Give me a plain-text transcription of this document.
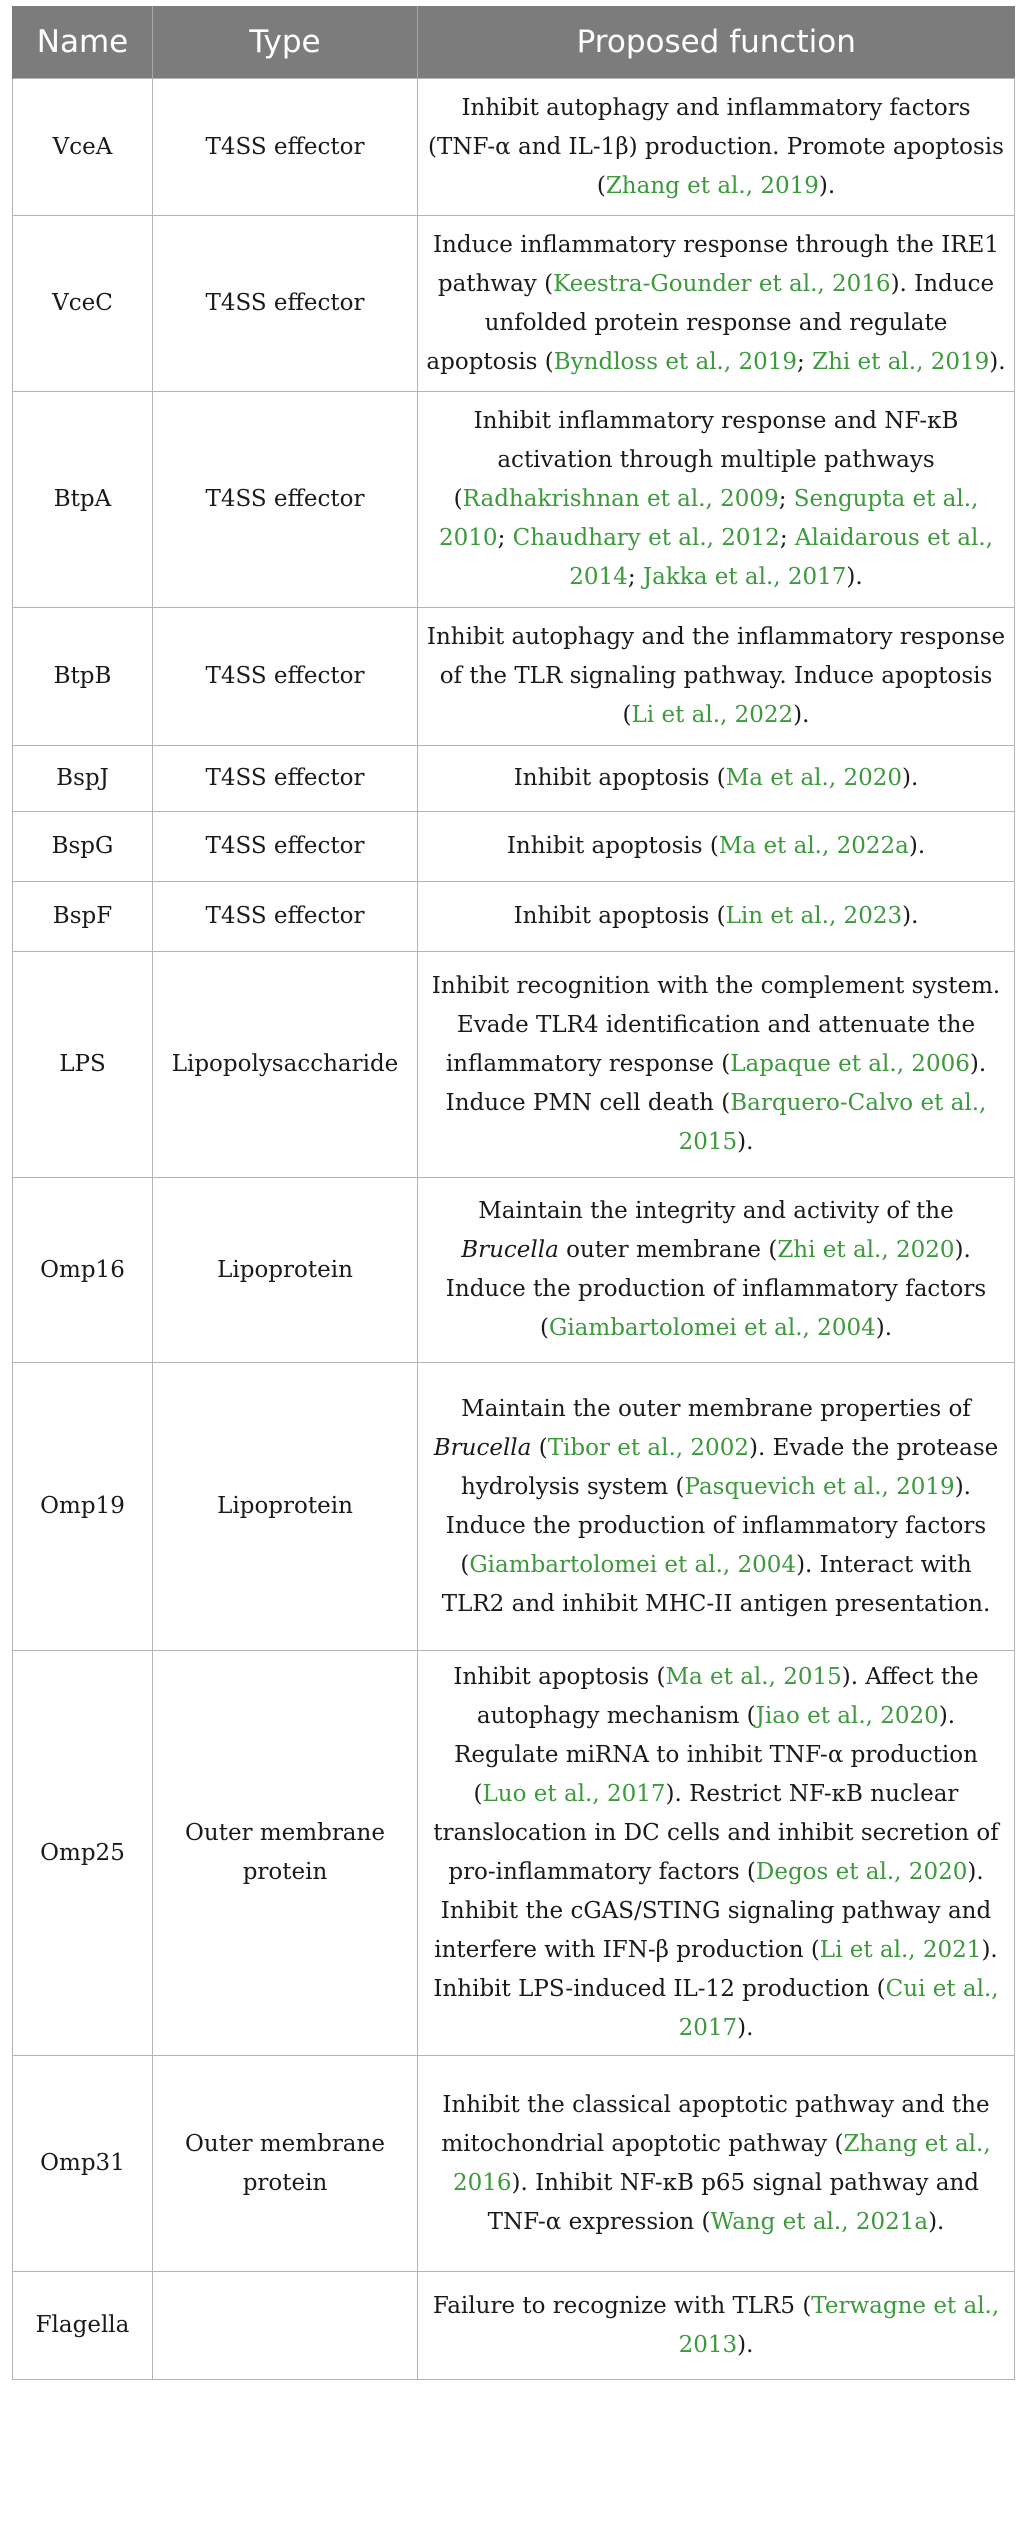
Name	Type	Proposed function
VceA	T4SS effector	Inhibit autophagy and inflammatory factors (TNF-α and IL-1β) production. Promote apoptosis (Zhang et al., 2019).
VceC	T4SS effector	Induce inflammatory response through the IRE1 pathway (Keestra-Gounder et al., 2016). Induce unfolded protein response and regulate apoptosis (Byndloss et al., 2019; Zhi et al., 2019).
BtpA	T4SS effector	Inhibit inflammatory response and NF-κB activation through multiple pathways (Radhakrishnan et al., 2009; Sengupta et al., 2010; Chaudhary et al., 2012; Alaidarous et al., 2014; Jakka et al., 2017).
BtpB	T4SS effector	Inhibit autophagy and the inflammatory response of the TLR signaling pathway. Induce apoptosis (Li et al., 2022).
BspJ	T4SS effector	Inhibit apoptosis (Ma et al., 2020).
BspG	T4SS effector	Inhibit apoptosis (Ma et al., 2022a).
BspF	T4SS effector	Inhibit apoptosis (Lin et al., 2023).
LPS	Lipopolysaccharide	Inhibit recognition with the complement system. Evade TLR4 identification and attenuate the inflammatory response (Lapaque et al., 2006). Induce PMN cell death (Barquero-Calvo et al., 2015).
Omp16	Lipoprotein	Maintain the integrity and activity of the Brucella outer membrane (Zhi et al., 2020). Induce the production of inflammatory factors (Giambartolomei et al., 2004).
Omp19	Lipoprotein	Maintain the outer membrane properties of Brucella (Tibor et al., 2002). Evade the protease hydrolysis system (Pasquevich et al., 2019). Induce the production of inflammatory factors (Giambartolomei et al., 2004). Interact with TLR2 and inhibit MHC-II antigen presentation.
Omp25	Outer membrane protein	Inhibit apoptosis (Ma et al., 2015). Affect the autophagy mechanism (Jiao et al., 2020). Regulate miRNA to inhibit TNF-α production (Luo et al., 2017). Restrict NF-κB nuclear translocation in DC cells and inhibit secretion of pro-inflammatory factors (Degos et al., 2020). Inhibit the cGAS/STING signaling pathway and interfere with IFN-β production (Li et al., 2021). Inhibit LPS-induced IL-12 production (Cui et al., 2017).
Omp31	Outer membrane protein	Inhibit the classical apoptotic pathway and the mitochondrial apoptotic pathway (Zhang et al., 2016). Inhibit NF-κB p65 signal pathway and TNF-α expression (Wang et al., 2021a).
Flagella		Failure to recognize with TLR5 (Terwagne et al., 2013).
